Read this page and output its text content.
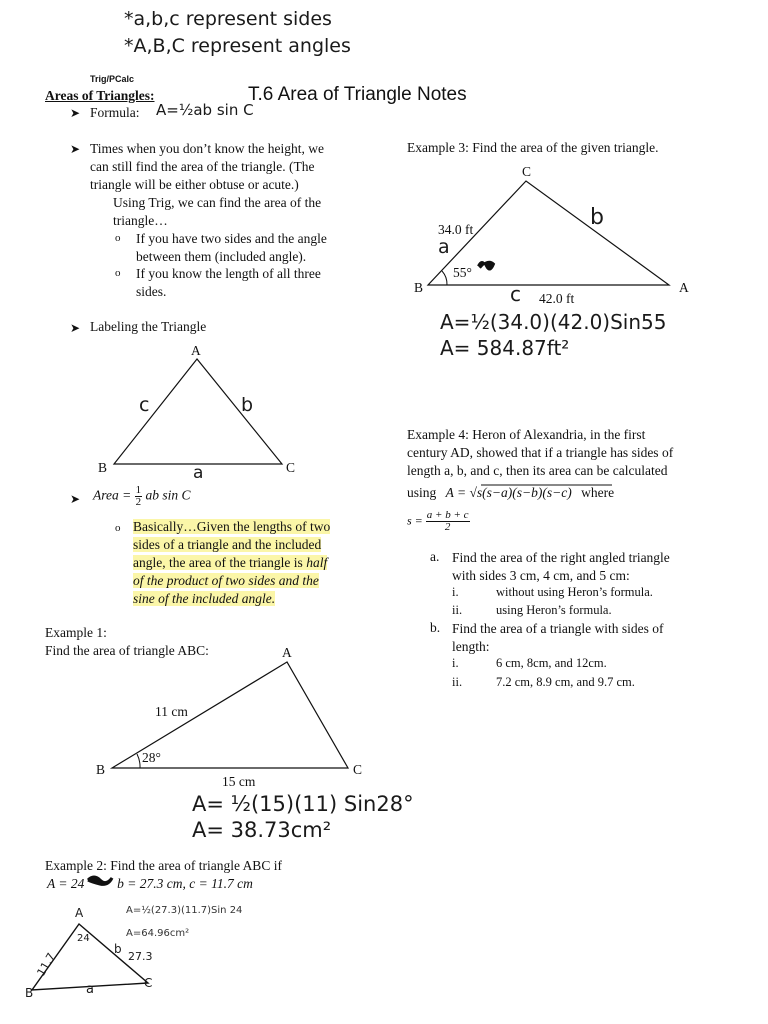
*a,b,c represent sides
*A,B,C represent angles
Trig/PCalc
Areas of Triangles:	T.6 Area of Triangle Notes
➤ Formula: A=½ab sin C
➤ Times when you don’t know the height, we
can still find the area of the triangle. (The
triangle will be either obtuse or acute.)
Using Trig, we can find the area of the
triangle…
o If you have two sides and the angle
between them (included angle).
o If you know the length of all three
sides.
➤ Labeling the Triangle
A
B	C
c	b
a
➤ Area = $\frac{1}{2}$ ab sin C
o Basically…Given the lengths of two
sides of a triangle and the included
angle, the area of the triangle is half
of the product of two sides and the
sine of the included angle.
Example 1:
Find the area of triangle ABC:	A
B	C
11 cm
28°
15 cm
A= ½(15)(11) Sin28°
A= 38.73cm²
Example 2: Find the area of triangle ABC if
A = 24 b = 27.3 cm, c = 11.7 cm
A
B
C
24
11.7
b
27.3
a
A=½(27.3)(11.7)Sin 24
A=64.96cm²
Example 3: Find the area of the given triangle.
C
B	A
34.0 ft
a
55°
b
c 42.0 ft
A=½(34.0)(42.0)Sin55
A= 584.87ft²
Example 4: Heron of Alexandria, in the first
century AD, showed that if a triangle has sides of
length a, b, and c, then its area can be calculated
using A = √s(s−a)(s−b)(s−c) where
$s = \frac{a + b + c}{2}$
a. Find the area of the right angled triangle
with sides 3 cm, 4 cm, and 5 cm:
i.	without using Heron’s formula.
ii.	using Heron’s formula.
b. Find the area of a triangle with sides of
length:
i.	6 cm, 8cm, and 12cm.
ii.	7.2 cm, 8.9 cm, and 9.7 cm.
